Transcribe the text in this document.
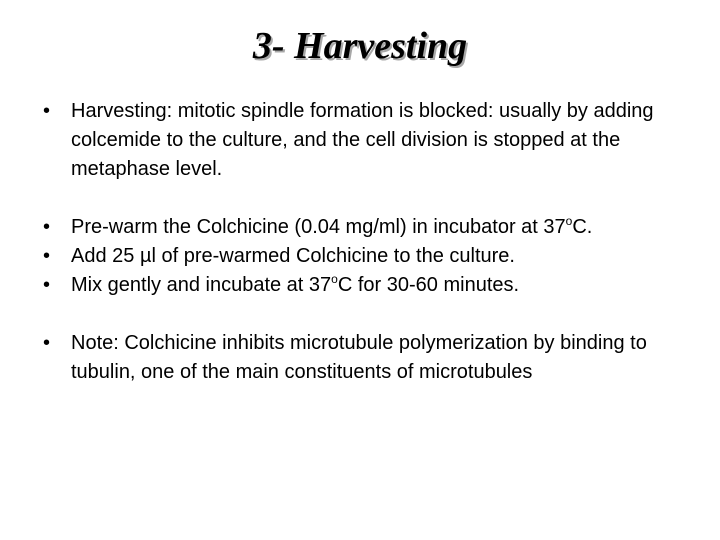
3- Harvesting
• Harvesting: mitotic spindle formation is blocked: usually by adding colcemide to the culture, and the cell division is stopped at the metaphase level.
• Pre-warm the Colchicine (0.04 mg/ml) in incubator at 37$^o$C.
• Add 25 µl of pre-warmed Colchicine to the culture.
• Mix gently and incubate at 37$^o$C for 30-60 minutes.
• Note: Colchicine inhibits microtubule polymerization by binding to tubulin, one of the main constituents of microtubules
